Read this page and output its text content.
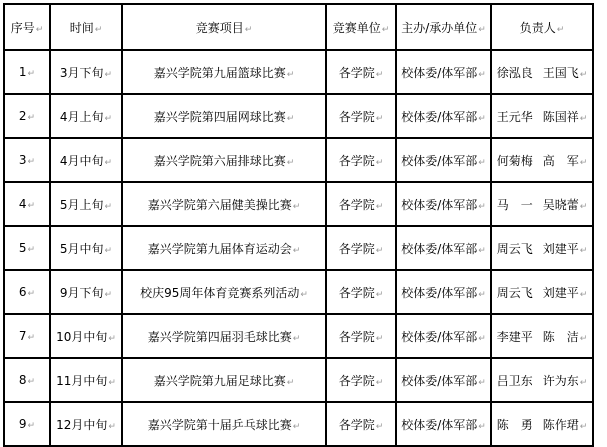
序号↵	时间↵	竞赛项目↵	竞赛单位↵	主办/承办单位↵	负责人↵
1↵	3月下旬↵	嘉兴学院第九届篮球比赛↵	各学院↵	校体委/体军部↵	徐泓良 王国飞↵
2↵	4月上旬↵	嘉兴学院第四届网球比赛↵	各学院↵	校体委/体军部↵	王元华 陈国祥↵
3↵	4月中旬↵	嘉兴学院第六届排球比赛↵	各学院↵	校体委/体军部↵	何菊梅 高　军↵
4↵	5月上旬↵	嘉兴学院第六届健美操比赛↵	各学院↵	校体委/体军部↵	马　一 吴晓蕾↵
5↵	5月中旬↵	嘉兴学院第九届体育运动会↵	各学院↵	校体委/体军部↵	周云飞 刘建平↵
6↵	9月下旬↵	校庆95周年体育竞赛系列活动↵	各学院↵	校体委/体军部↵	周云飞 刘建平↵
7↵	10月中旬↵	嘉兴学院第四届羽毛球比赛↵	各学院↵	校体委/体军部↵	李建平 陈　洁↵
8↵	11月中旬↵	嘉兴学院第九届足球比赛↵	各学院↵	校体委/体军部↵	吕卫东 许为东↵
9↵	12月中旬↵	嘉兴学院第十届乒乓球比赛↵	各学院↵	校体委/体军部↵	陈　勇 陈作珺↵
